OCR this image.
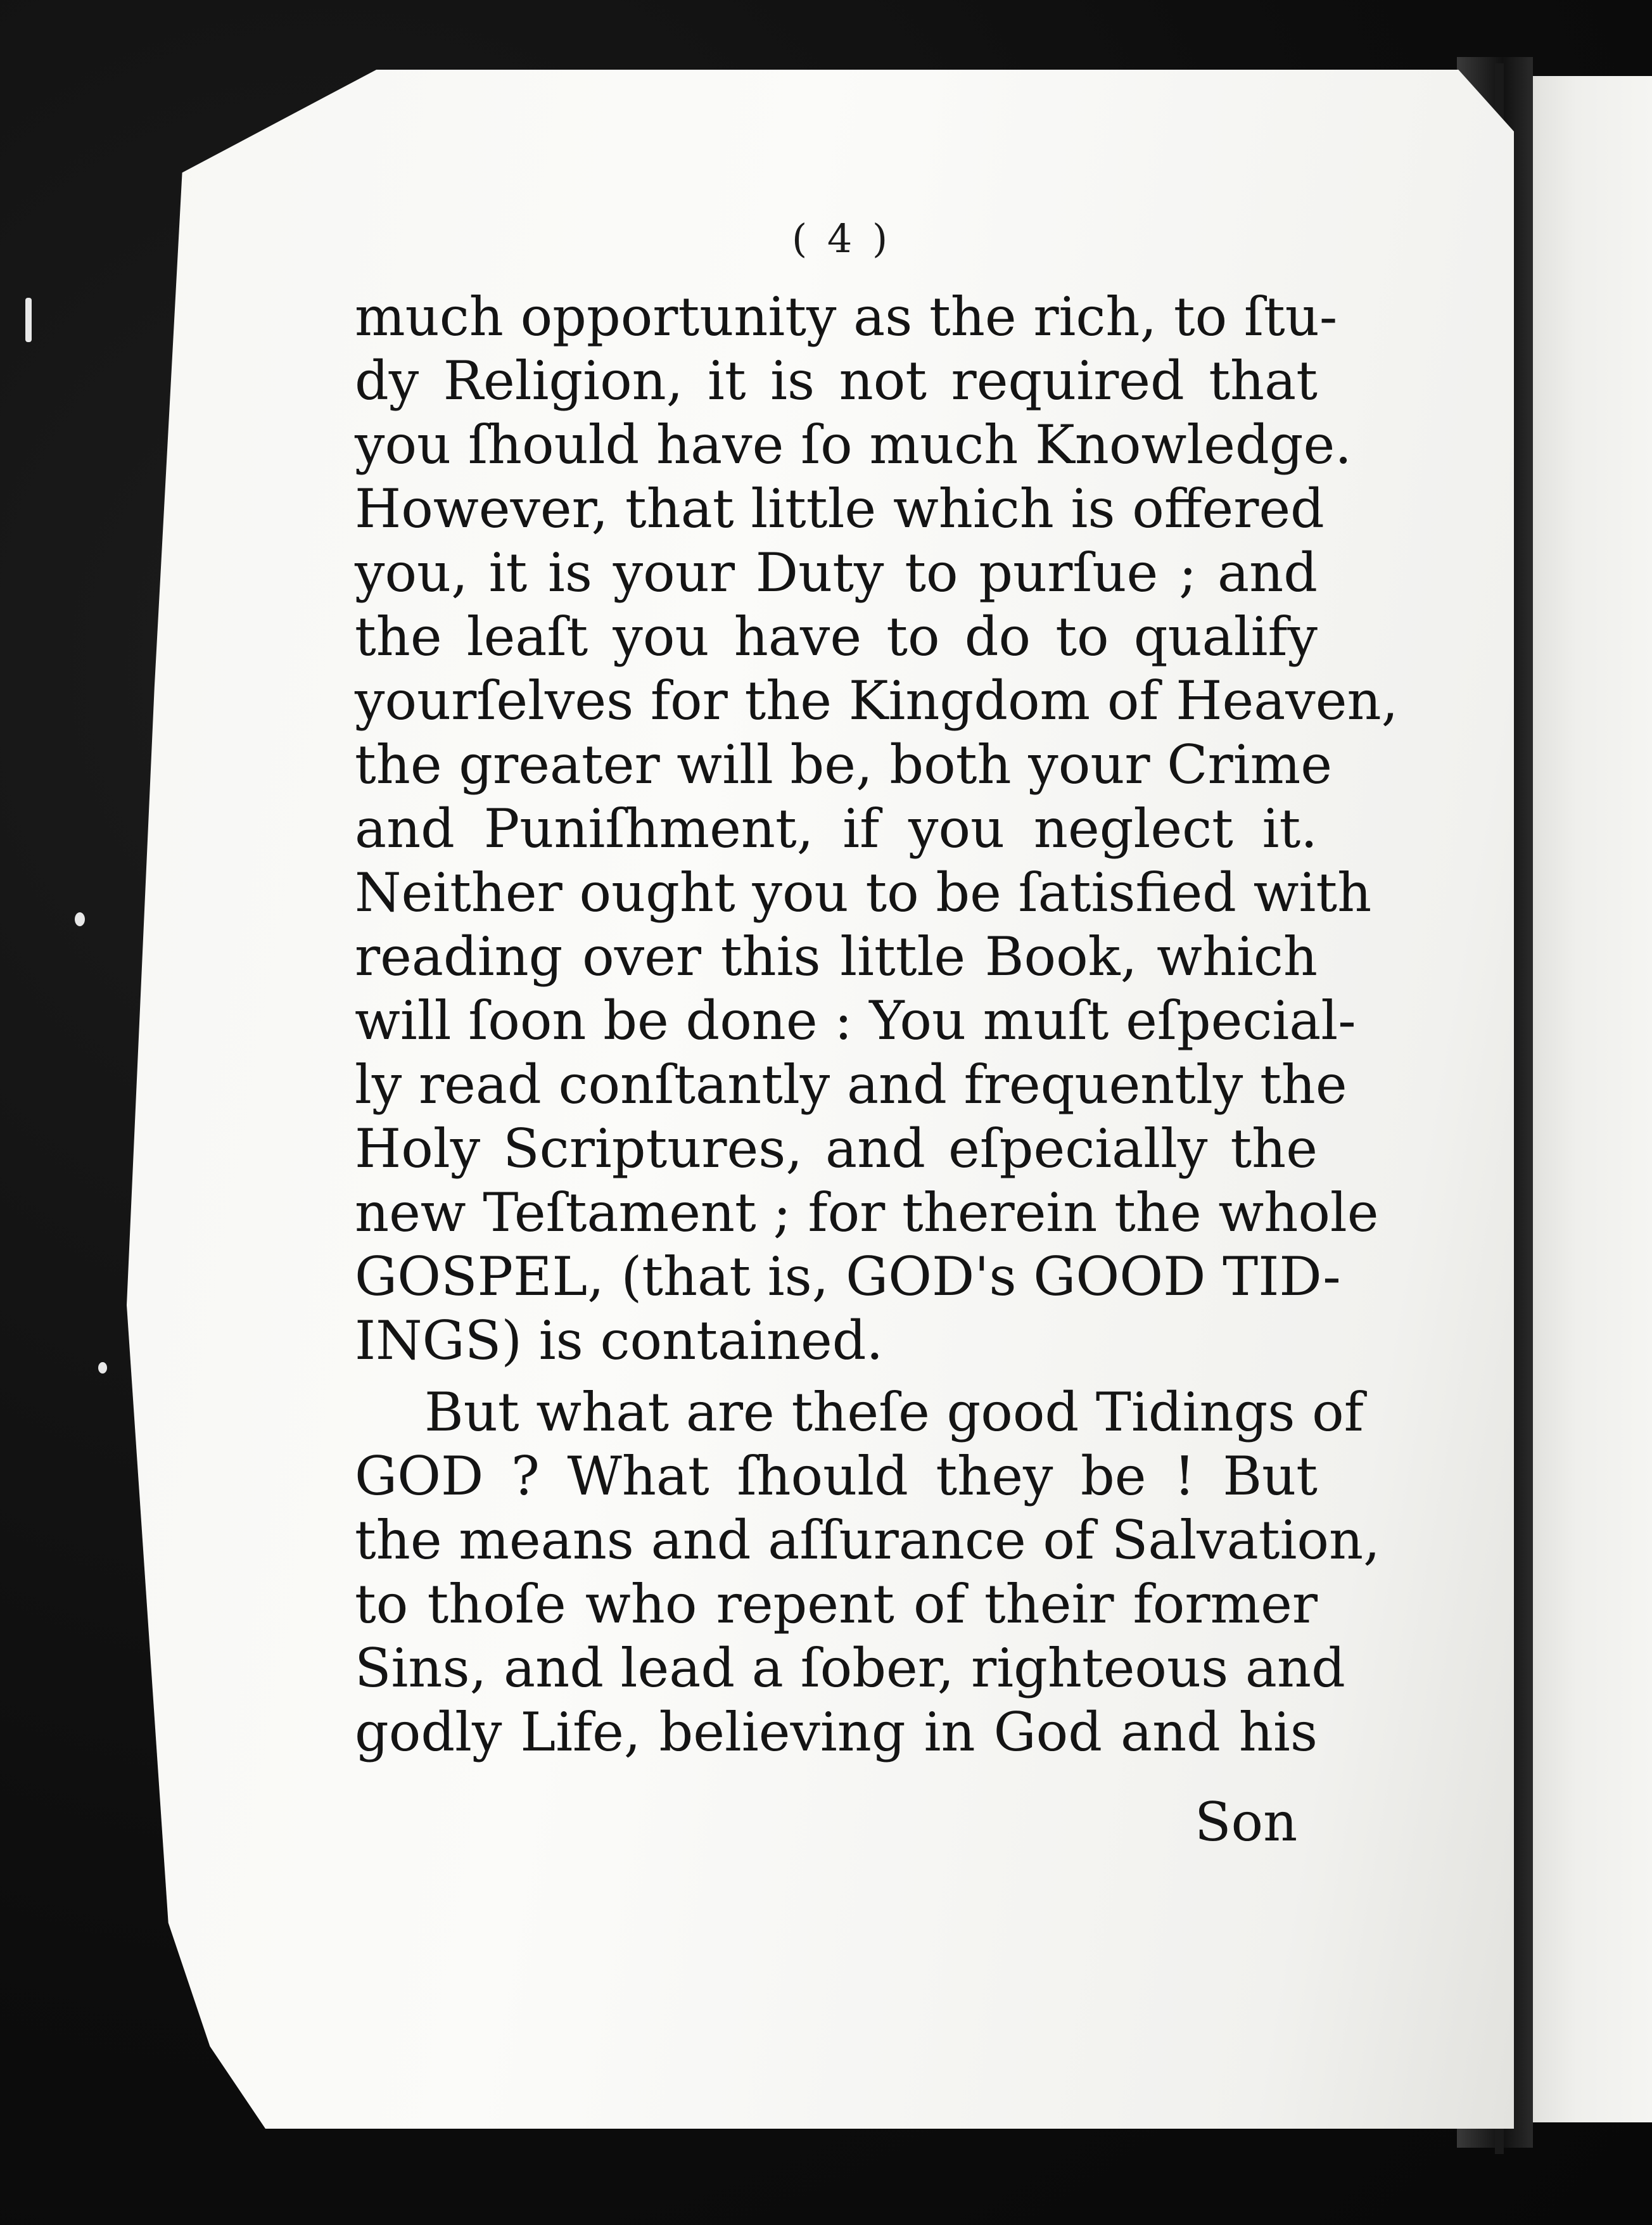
( 4 )
much opportunity as the rich, to ſtu-
dy Religion, it is not required that
you ſhould have ſo much Knowledge.
However, that little which is offered
you, it is your Duty to purſue ; and
the leaſt you have to do to qualify
yourſelves for the Kingdom of Heaven,
the greater will be, both your Crime
and Puniſhment, if you neglect it.
Neither ought you to be ſatisfied with
reading over this little Book, which
will ſoon be done : You muſt eſpecial-
ly read conſtantly and frequently the
Holy Scriptures, and eſpecially the
new Teſtament ; for therein the whole
GOSPEL, (that is, GOD's GOOD TID-
INGS) is contained.
But what are theſe good Tidings of
GOD ? What ſhould they be ! But
the means and aſſurance of Salvation,
to thoſe who repent of their former
Sins, and lead a ſober, righteous and
godly Life, believing in God and his
Son
